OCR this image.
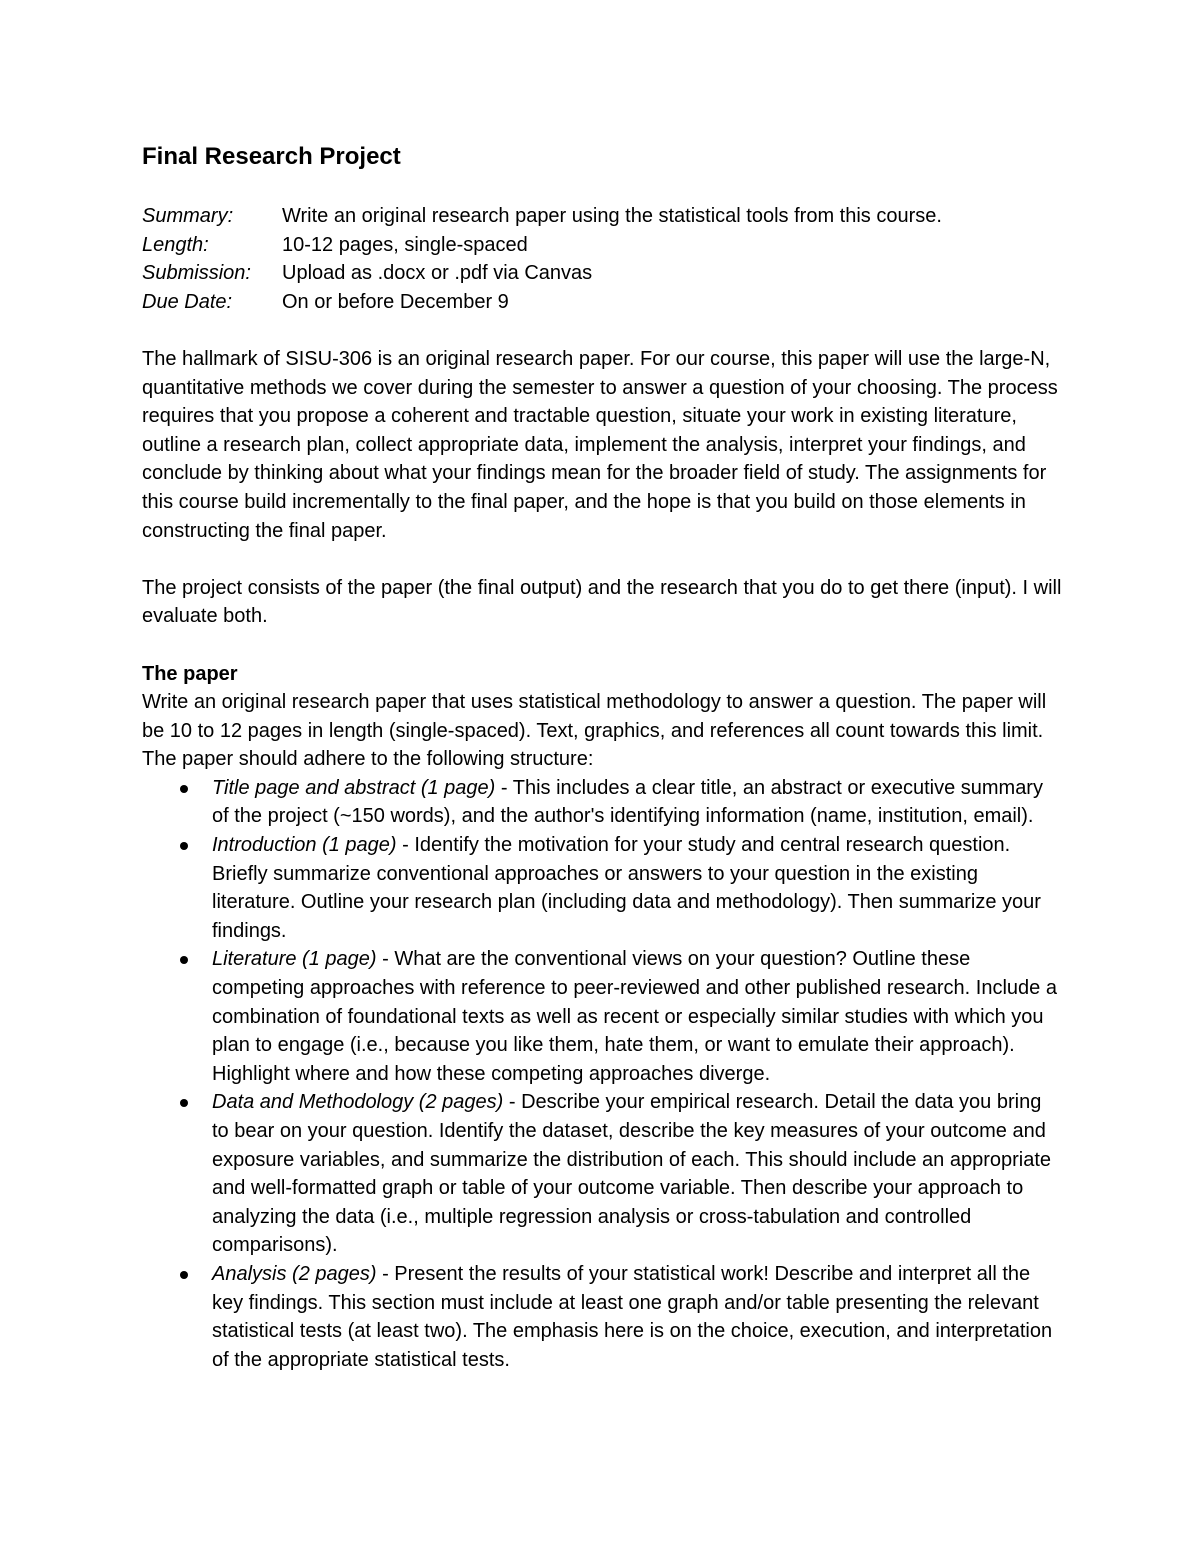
Final Research Project
Summary:	Write an original research paper using the statistical tools from this course.
Length:	10-12 pages, single-spaced
Submission:	Upload as .docx or .pdf via Canvas
Due Date:	On or before December 9

The hallmark of SISU-306 is an original research paper. For our course, this paper will use the large-N, quantitative methods we cover during the semester to answer a question of your choosing. The process requires that you propose a coherent and tractable question, situate your work in existing literature, outline a research plan, collect appropriate data, implement the analysis, interpret your findings, and conclude by thinking about what your findings mean for the broader field of study. The assignments for this course build incrementally to the final paper, and the hope is that you build on those elements in constructing the final paper.

The project consists of the paper (the final output) and the research that you do to get there (input). I will evaluate both.

The paper

Write an original research paper that uses statistical methodology to answer a question. The paper will be 10 to 12 pages in length (single-spaced). Text, graphics, and references all count towards this limit. The paper should adhere to the following structure:

Title page and abstract (1 page) - This includes a clear title, an abstract or executive summary of the project (~150 words), and the author's identifying information (name, institution, email).
Introduction (1 page) - Identify the motivation for your study and central research question. Briefly summarize conventional approaches or answers to your question in the existing literature. Outline your research plan (including data and methodology). Then summarize your findings.
Literature (1 page) - What are the conventional views on your question? Outline these competing approaches with reference to peer-reviewed and other published research. Include a combination of foundational texts as well as recent or especially similar studies with which you plan to engage (i.e., because you like them, hate them, or want to emulate their approach). Highlight where and how these competing approaches diverge.
Data and Methodology (2 pages) - Describe your empirical research. Detail the data you bring to bear on your question. Identify the dataset, describe the key measures of your outcome and exposure variables, and summarize the distribution of each. This should include an appropriate and well-formatted graph or table of your outcome variable. Then describe your approach to analyzing the data (i.e., multiple regression analysis or cross-tabulation and controlled comparisons).
Analysis (2 pages) - Present the results of your statistical work! Describe and interpret all the key findings. This section must include at least one graph and/or table presenting the relevant statistical tests (at least two). The emphasis here is on the choice, execution, and interpretation of the appropriate statistical tests.
